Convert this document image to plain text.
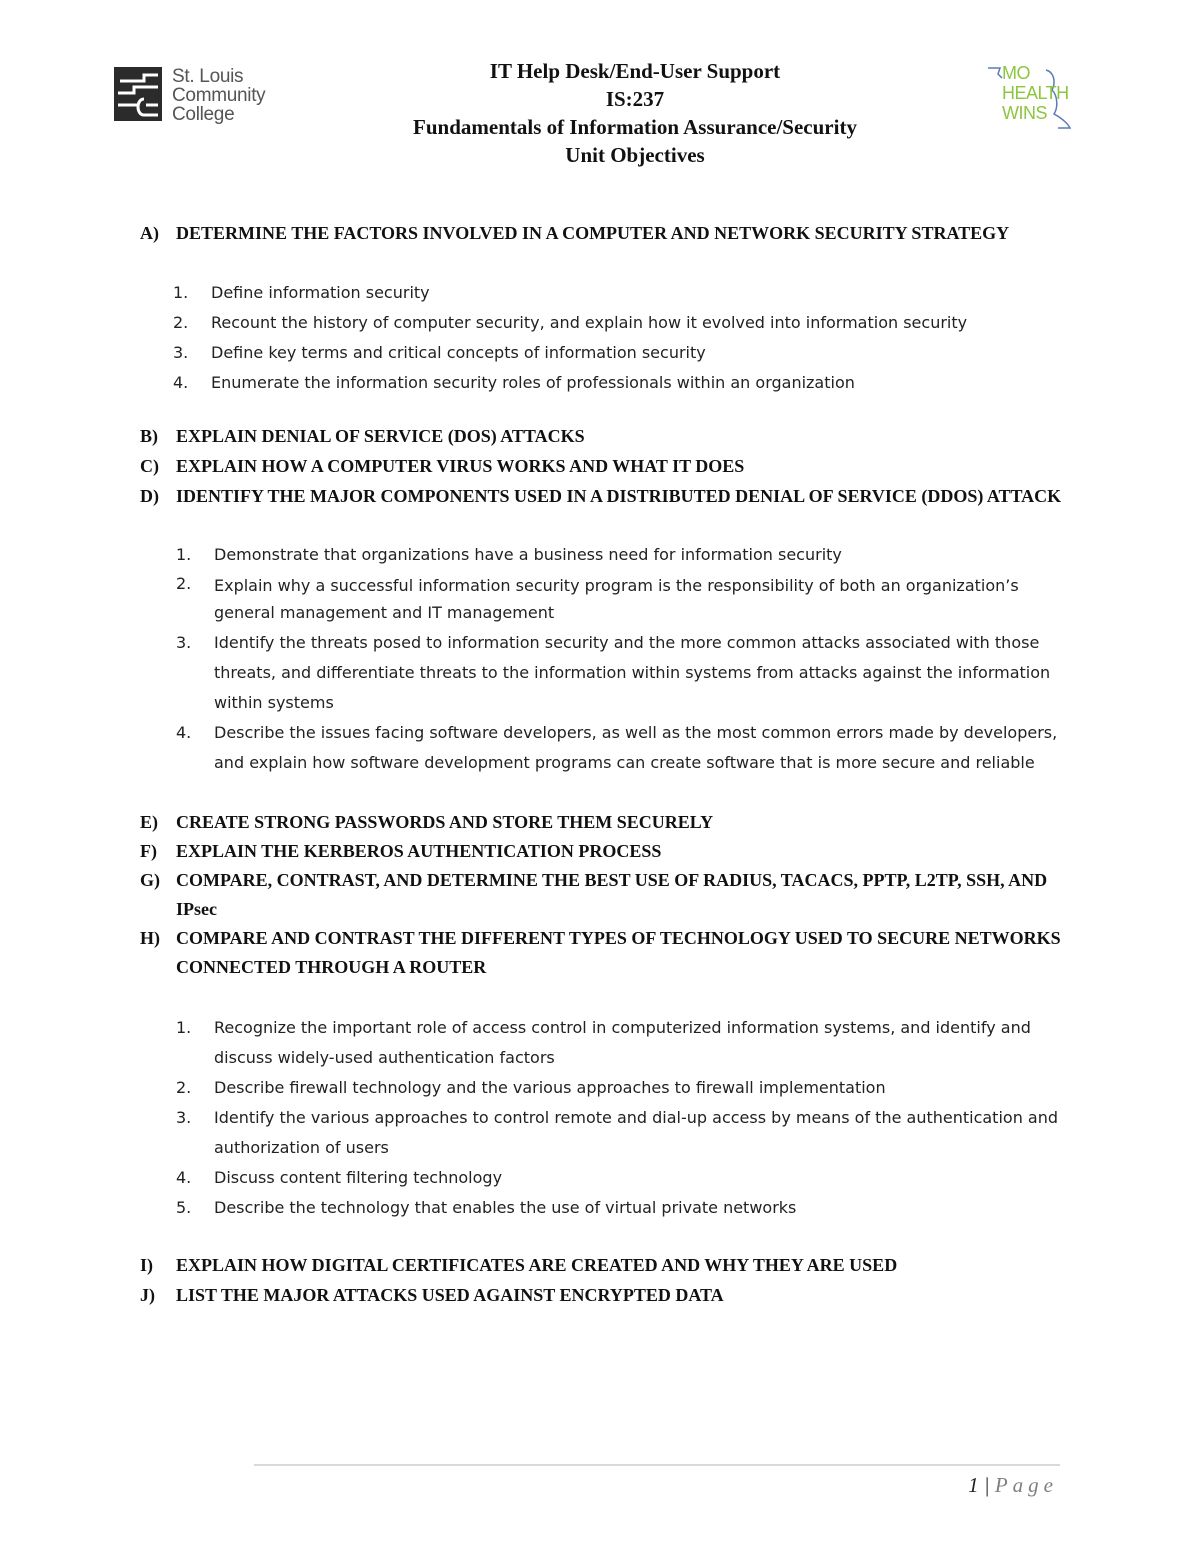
St. Louis
Community
College
IT Help Desk/End-User Support
IS:237
Fundamentals of Information Assurance/Security
Unit Objectives
MO
HEALTH
WINS
A) DETERMINE THE FACTORS INVOLVED IN A COMPUTER AND NETWORK SECURITY STRATEGY
1. Define information security
2. Recount the history of computer security, and explain how it evolved into information security
3. Define key terms and critical concepts of information security
4. Enumerate the information security roles of professionals within an organization
B) EXPLAIN DENIAL OF SERVICE (DOS) ATTACKS
C) EXPLAIN HOW A COMPUTER VIRUS WORKS AND WHAT IT DOES
D) IDENTIFY THE MAJOR COMPONENTS USED IN A DISTRIBUTED DENIAL OF SERVICE (DDOS) ATTACK
1. Demonstrate that organizations have a business need for information security
2. Explain why a successful information security program is the responsibility of both an organization’s general management and IT management
3. Identify the threats posed to information security and the more common attacks associated with those threats, and differentiate threats to the information within systems from attacks against the information within systems
4. Describe the issues facing software developers, as well as the most common errors made by developers, and explain how software development programs can create software that is more secure and reliable
E) CREATE STRONG PASSWORDS AND STORE THEM SECURELY
F) EXPLAIN THE KERBEROS AUTHENTICATION PROCESS
G) COMPARE, CONTRAST, AND DETERMINE THE BEST USE OF RADIUS, TACACS, PPTP, L2TP, SSH, AND IPsec
H) COMPARE AND CONTRAST THE DIFFERENT TYPES OF TECHNOLOGY USED TO SECURE NETWORKS CONNECTED THROUGH A ROUTER
1. Recognize the important role of access control in computerized information systems, and identify and discuss widely-used authentication factors
2. Describe firewall technology and the various approaches to firewall implementation
3. Identify the various approaches to control remote and dial-up access by means of the authentication and authorization of users
4. Discuss content filtering technology
5. Describe the technology that enables the use of virtual private networks
I) EXPLAIN HOW DIGITAL CERTIFICATES ARE CREATED AND WHY THEY ARE USED
J) LIST THE MAJOR ATTACKS USED AGAINST ENCRYPTED DATA
1 | Page
